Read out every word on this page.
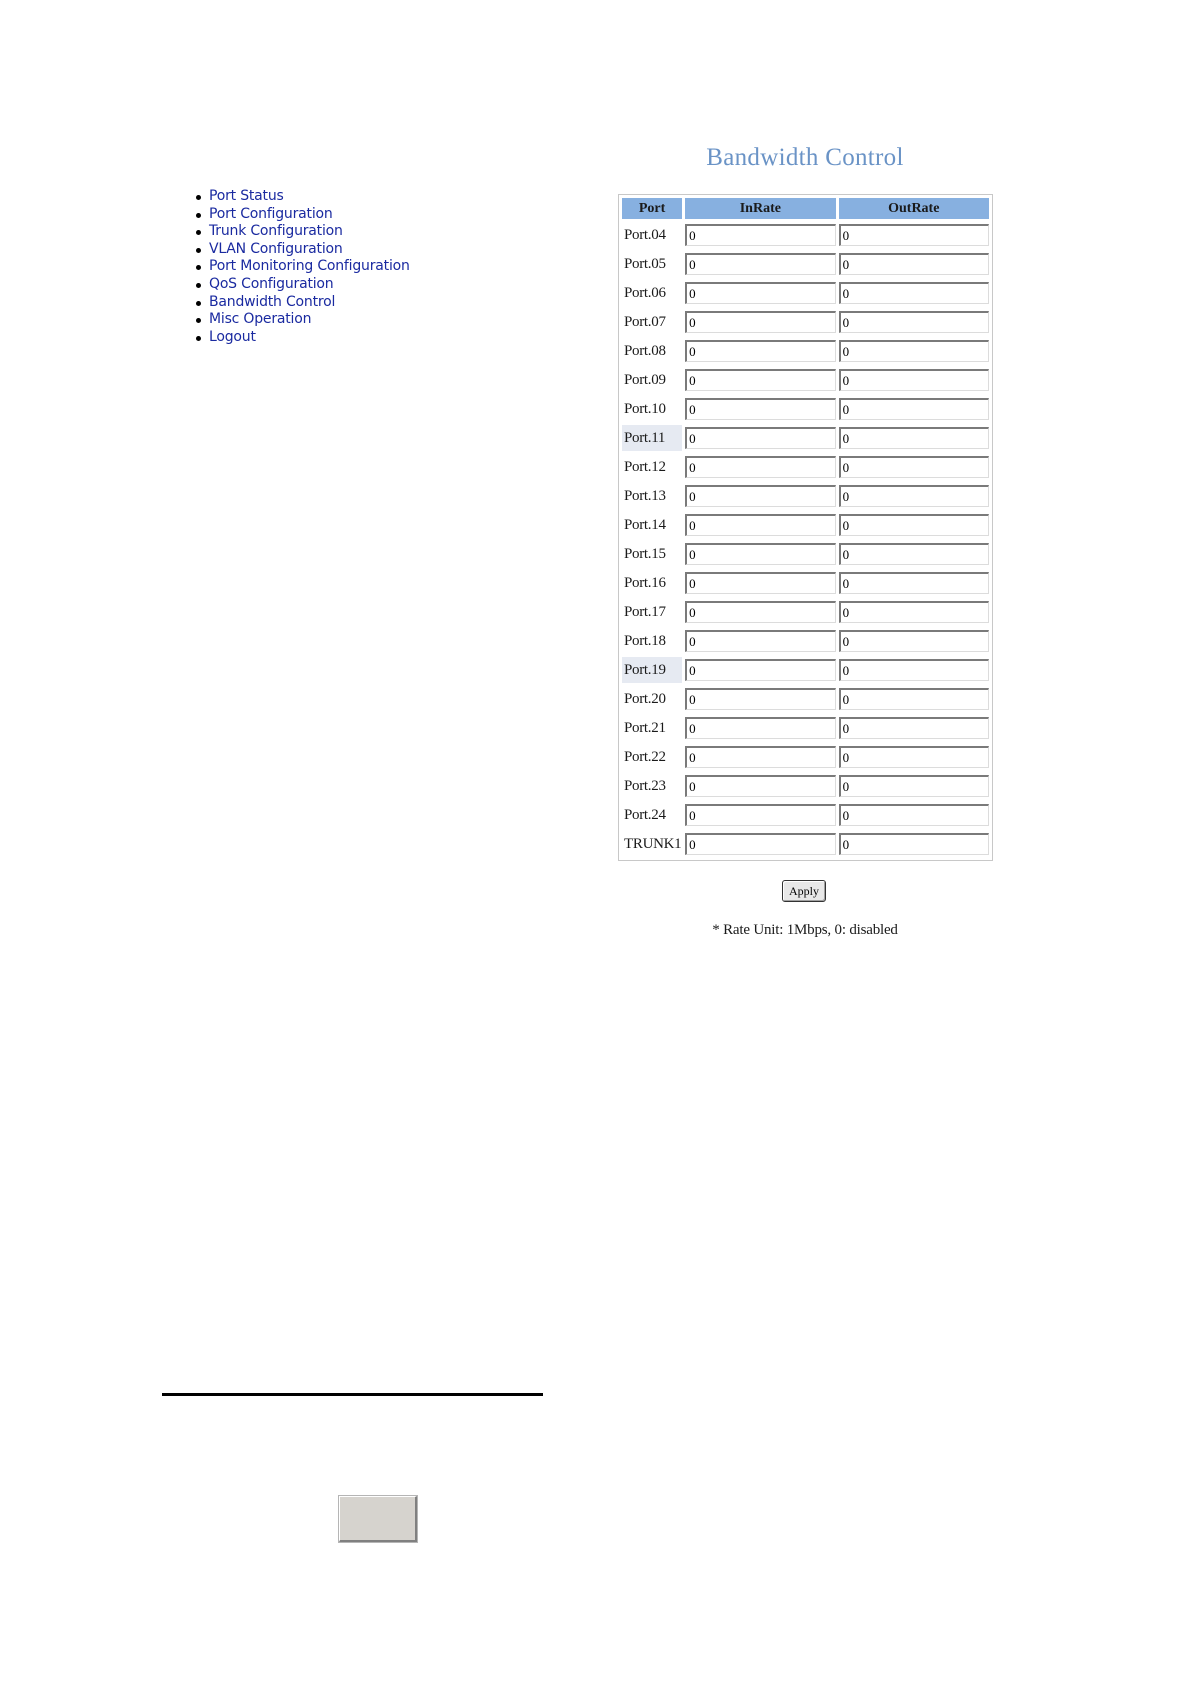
Port Status
Port Configuration
Trunk Configuration
VLAN Configuration
Port Monitoring Configuration
QoS Configuration
Bandwidth Control
Misc Operation
Logout
Bandwidth Control
Port	InRate	OutRate
Port.04	0	0
Port.05	0	0
Port.06	0	0
Port.07	0	0
Port.08	0	0
Port.09	0	0
Port.10	0	0
Port.11	0	0
Port.12	0	0
Port.13	0	0
Port.14	0	0
Port.15	0	0
Port.16	0	0
Port.17	0	0
Port.18	0	0
Port.19	0	0
Port.20	0	0
Port.21	0	0
Port.22	0	0
Port.23	0	0
Port.24	0	0
TRUNK1	0	0
Apply
* Rate Unit: 1Mbps, 0: disabled
